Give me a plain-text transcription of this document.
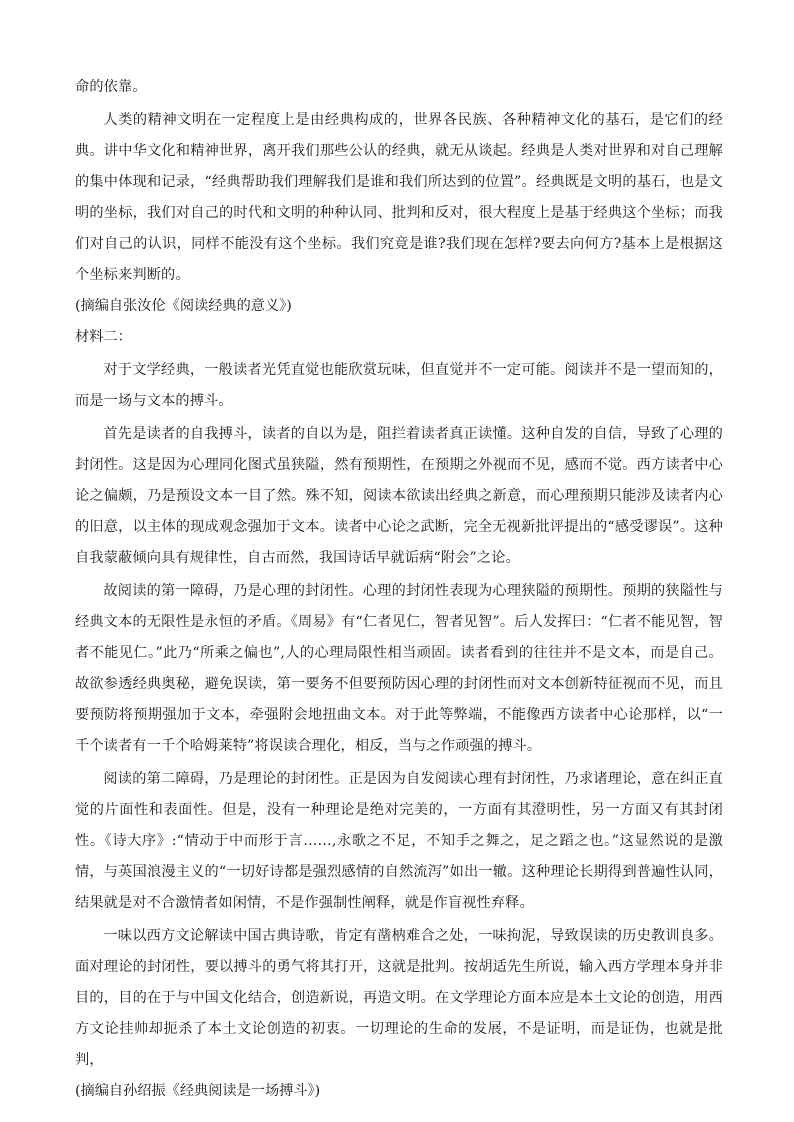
命的依靠。

人类的精神文明在一定程度上是由经典构成的，世界各民族、各种精神文化的基石，是它们的经典。讲中华文化和精神世界，离开我们那些公认的经典，就无从谈起。经典是人类对世界和对自己理解的集中体现和记录，“经典帮助我们理解我们是谁和我们所达到的位置”。经典既是文明的基石，也是文明的坐标，我们对自己的时代和文明的种种认同、批判和反对，很大程度上是基于经典这个坐标；而我们对自己的认识，同样不能没有这个坐标。我们究竟是谁?我们现在怎样?要去向何方?基本上是根据这个坐标来判断的。

(摘编自张汝伦《阅读经典的意义》)

材料二：

对于文学经典，一般读者光凭直觉也能欣赏玩味，但直觉并不一定可能。阅读并不是一望而知的，而是一场与文本的搏斗。

首先是读者的自我搏斗，读者的自以为是，阻拦着读者真正读懂。这种自发的自信，导致了心理的封闭性。这是因为心理同化图式虽狭隘，然有预期性，在预期之外视而不见，感而不觉。西方读者中心论之偏颇，乃是预设文本一目了然。殊不知，阅读本欲读出经典之新意，而心理预期只能涉及读者内心的旧意，以主体的现成观念强加于文本。读者中心论之武断，完全无视新批评提出的“感受谬误”。这种自我蒙蔽倾向具有规律性，自古而然，我国诗话早就诟病“附会”之论。

故阅读的第一障碍，乃是心理的封闭性。心理的封闭性表现为心理狭隘的预期性。预期的狭隘性与经典文本的无限性是永恒的矛盾。《周易》有“仁者见仁，智者见智”。后人发挥曰：“仁者不能见智，智者不能见仁。”此乃“所乘之偏也”,人的心理局限性相当顽固。读者看到的往往并不是文本，而是自己。故欲参透经典奥秘，避免误读，第一要务不但要预防因心理的封闭性而对文本创新特征视而不见，而且要预防将预期强加于文本，牵强附会地扭曲文本。对于此等弊端，不能像西方读者中心论那样，以“一千个读者有一千个哈姆莱特”将误读合理化，相反，当与之作顽强的搏斗。

阅读的第二障碍，乃是理论的封闭性。正是因为自发阅读心理有封闭性，乃求诸理论，意在纠正直觉的片面性和表面性。但是，没有一种理论是绝对完美的，一方面有其澄明性，另一方面又有其封闭性。《诗大序》:“情动于中而形于言……,永歌之不足，不知手之舞之，足之蹈之也。”这显然说的是激情，与英国浪漫主义的“一切好诗都是强烈感情的自然流泻”如出一辙。这种理论长期得到普遍性认同，结果就是对不合激情者如闲情，不是作强制性阐释，就是作盲视性弃释。

一味以西方文论解读中国古典诗歌，肯定有凿枘难合之处，一味拘泥，导致误读的历史教训良多。面对理论的封闭性，要以搏斗的勇气将其打开，这就是批判。按胡适先生所说，输入西方学理本身并非目的，目的在于与中国文化结合，创造新说，再造文明。在文学理论方面本应是本土文论的创造，用西方文论挂帅却扼杀了本土文论创造的初衷。一切理论的生命的发展，不是证明，而是证伪，也就是批判，

(摘编自孙绍振《经典阅读是一场搏斗》)
